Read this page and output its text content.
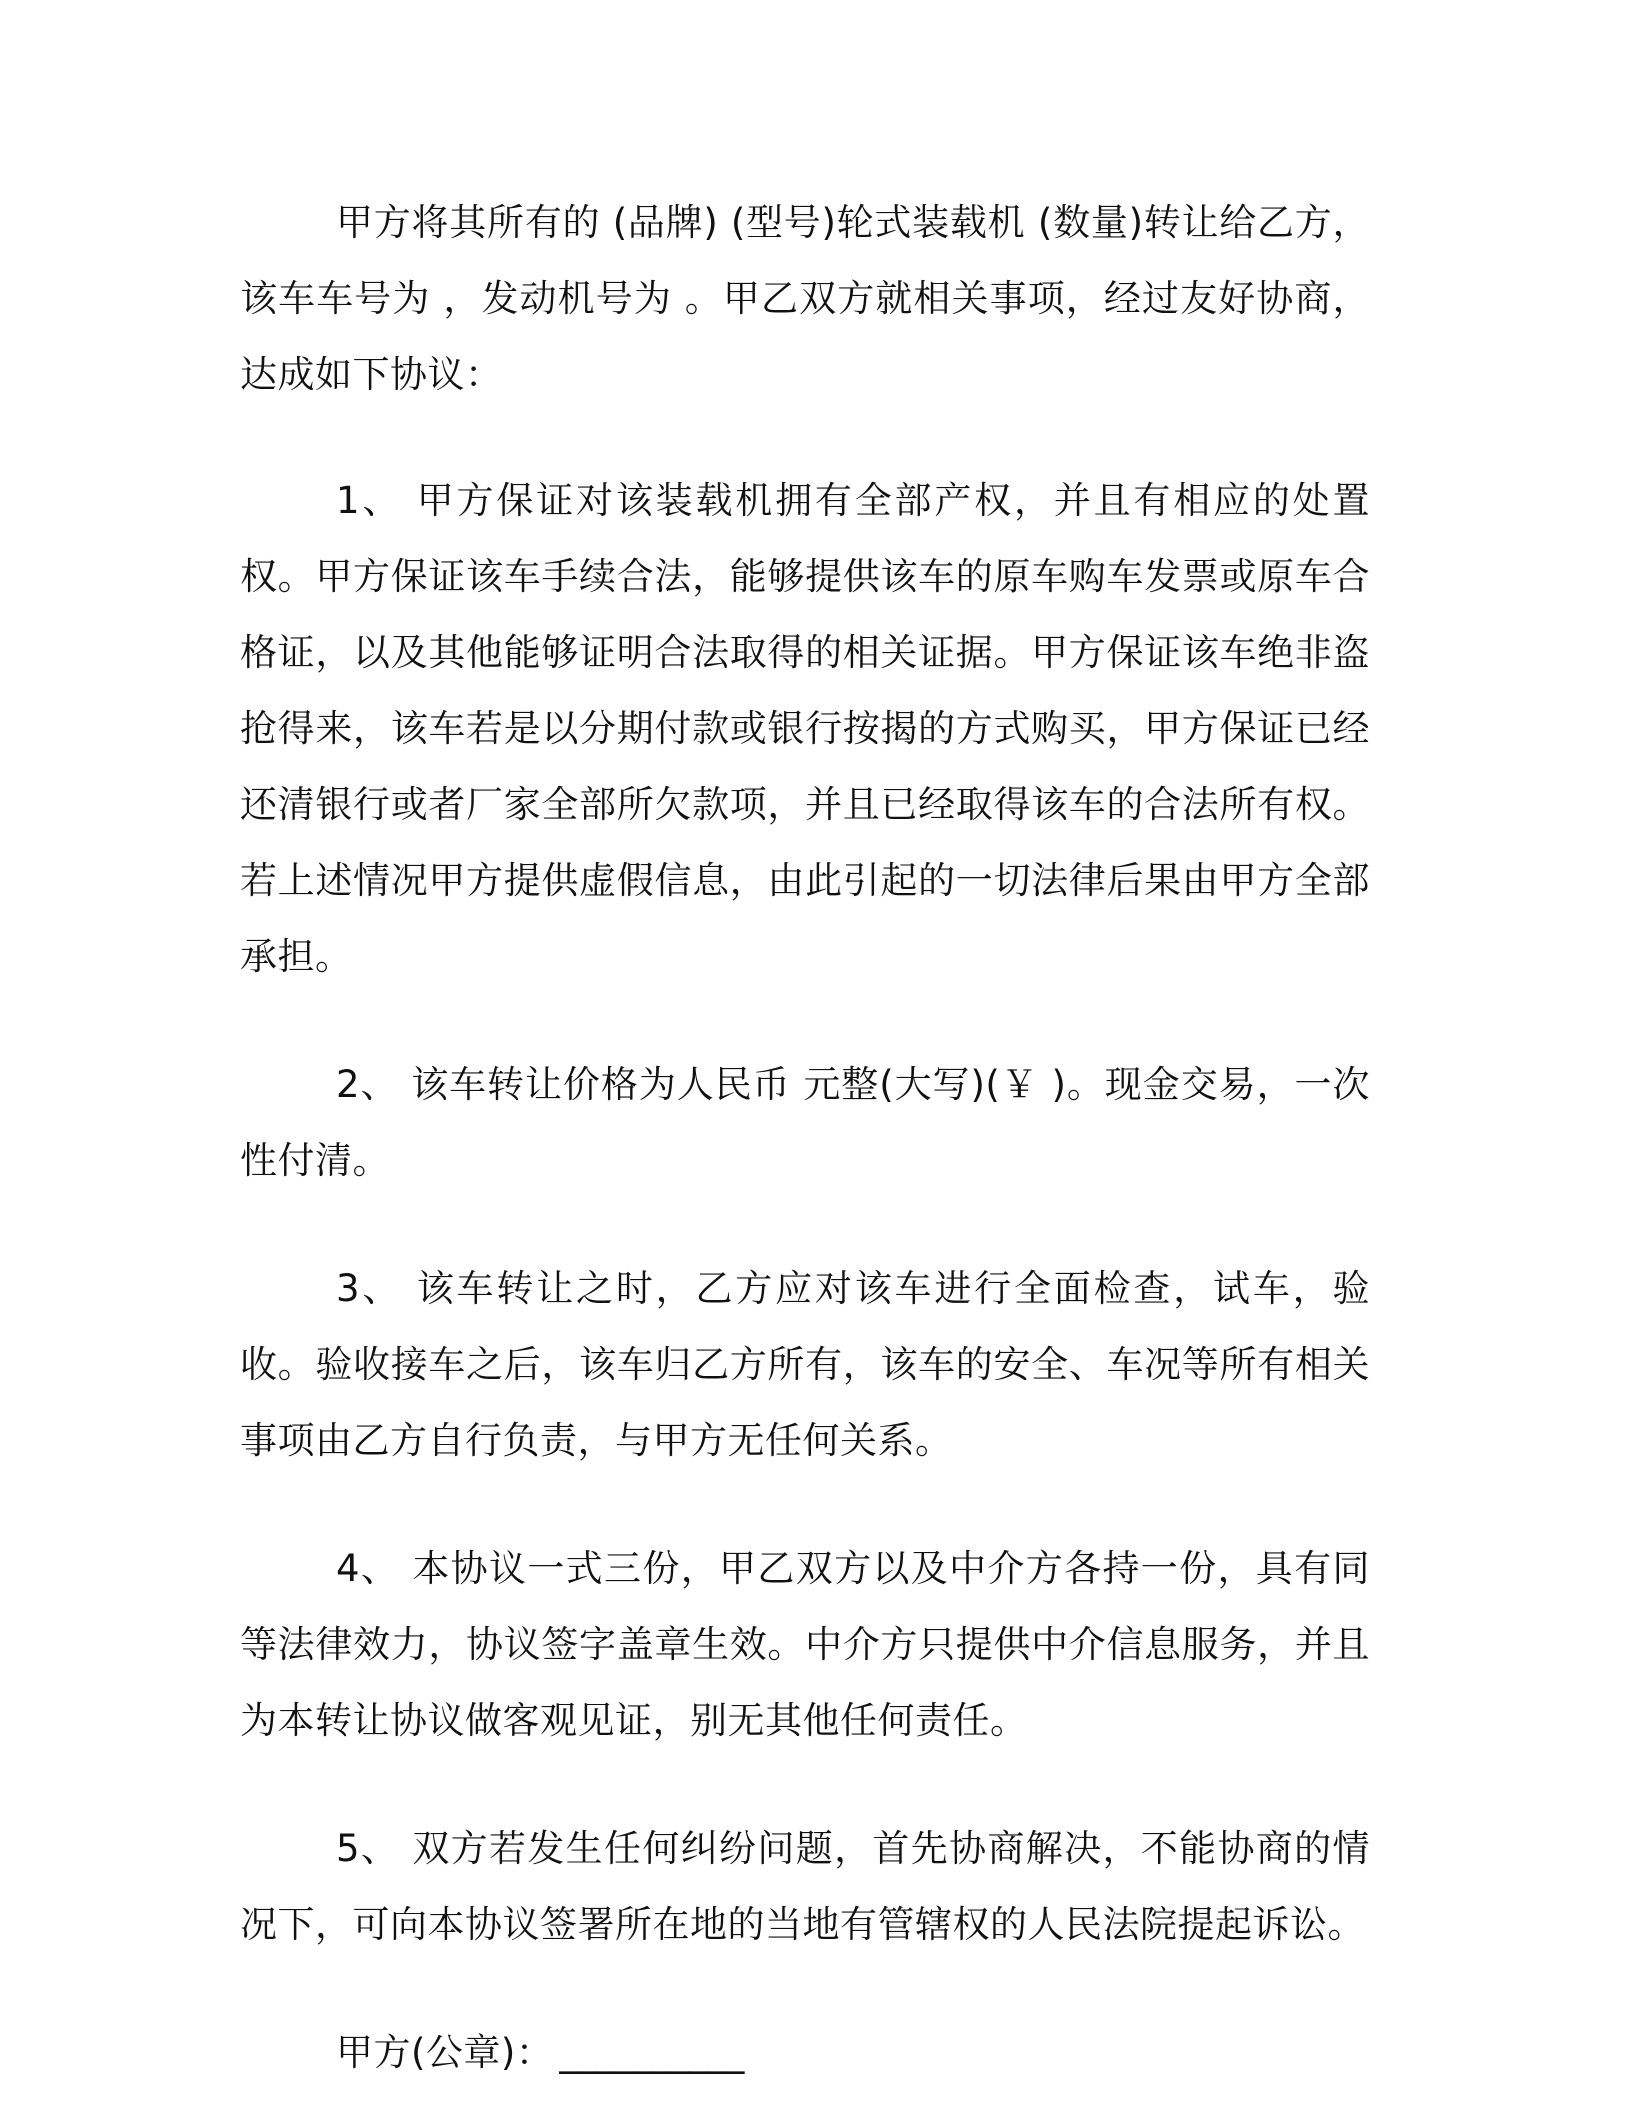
甲方将其所有的 (品牌) (型号)轮式装载机 (数量)转让给乙方，该车车号为 ，发动机号为 。甲乙双方就相关事项，经过友好协商，达成如下协议：

1、 甲方保证对该装载机拥有全部产权，并且有相应的处置权。甲方保证该车手续合法，能够提供该车的原车购车发票或原车合格证，以及其他能够证明合法取得的相关证据。甲方保证该车绝非盗抢得来，该车若是以分期付款或银行按揭的方式购买，甲方保证已经还清银行或者厂家全部所欠款项，并且已经取得该车的合法所有权。若上述情况甲方提供虚假信息，由此引起的一切法律后果由甲方全部承担。

2、 该车转让价格为人民币 元整(大写)(￥ )。现金交易，一次性付清。

3、 该车转让之时，乙方应对该车进行全面检查，试车，验收。验收接车之后，该车归乙方所有，该车的安全、车况等所有相关事项由乙方自行负责，与甲方无任何关系。

4、 本协议一式三份，甲乙双方以及中介方各持一份，具有同等法律效力，协议签字盖章生效。中介方只提供中介信息服务，并且为本转让协议做客观见证，别无其他任何责任。

5、 双方若发生任何纠纷问题，首先协商解决，不能协商的情况下，可向本协议签署所在地的当地有管辖权的人民法院提起诉讼。

甲方(公章)： __________
